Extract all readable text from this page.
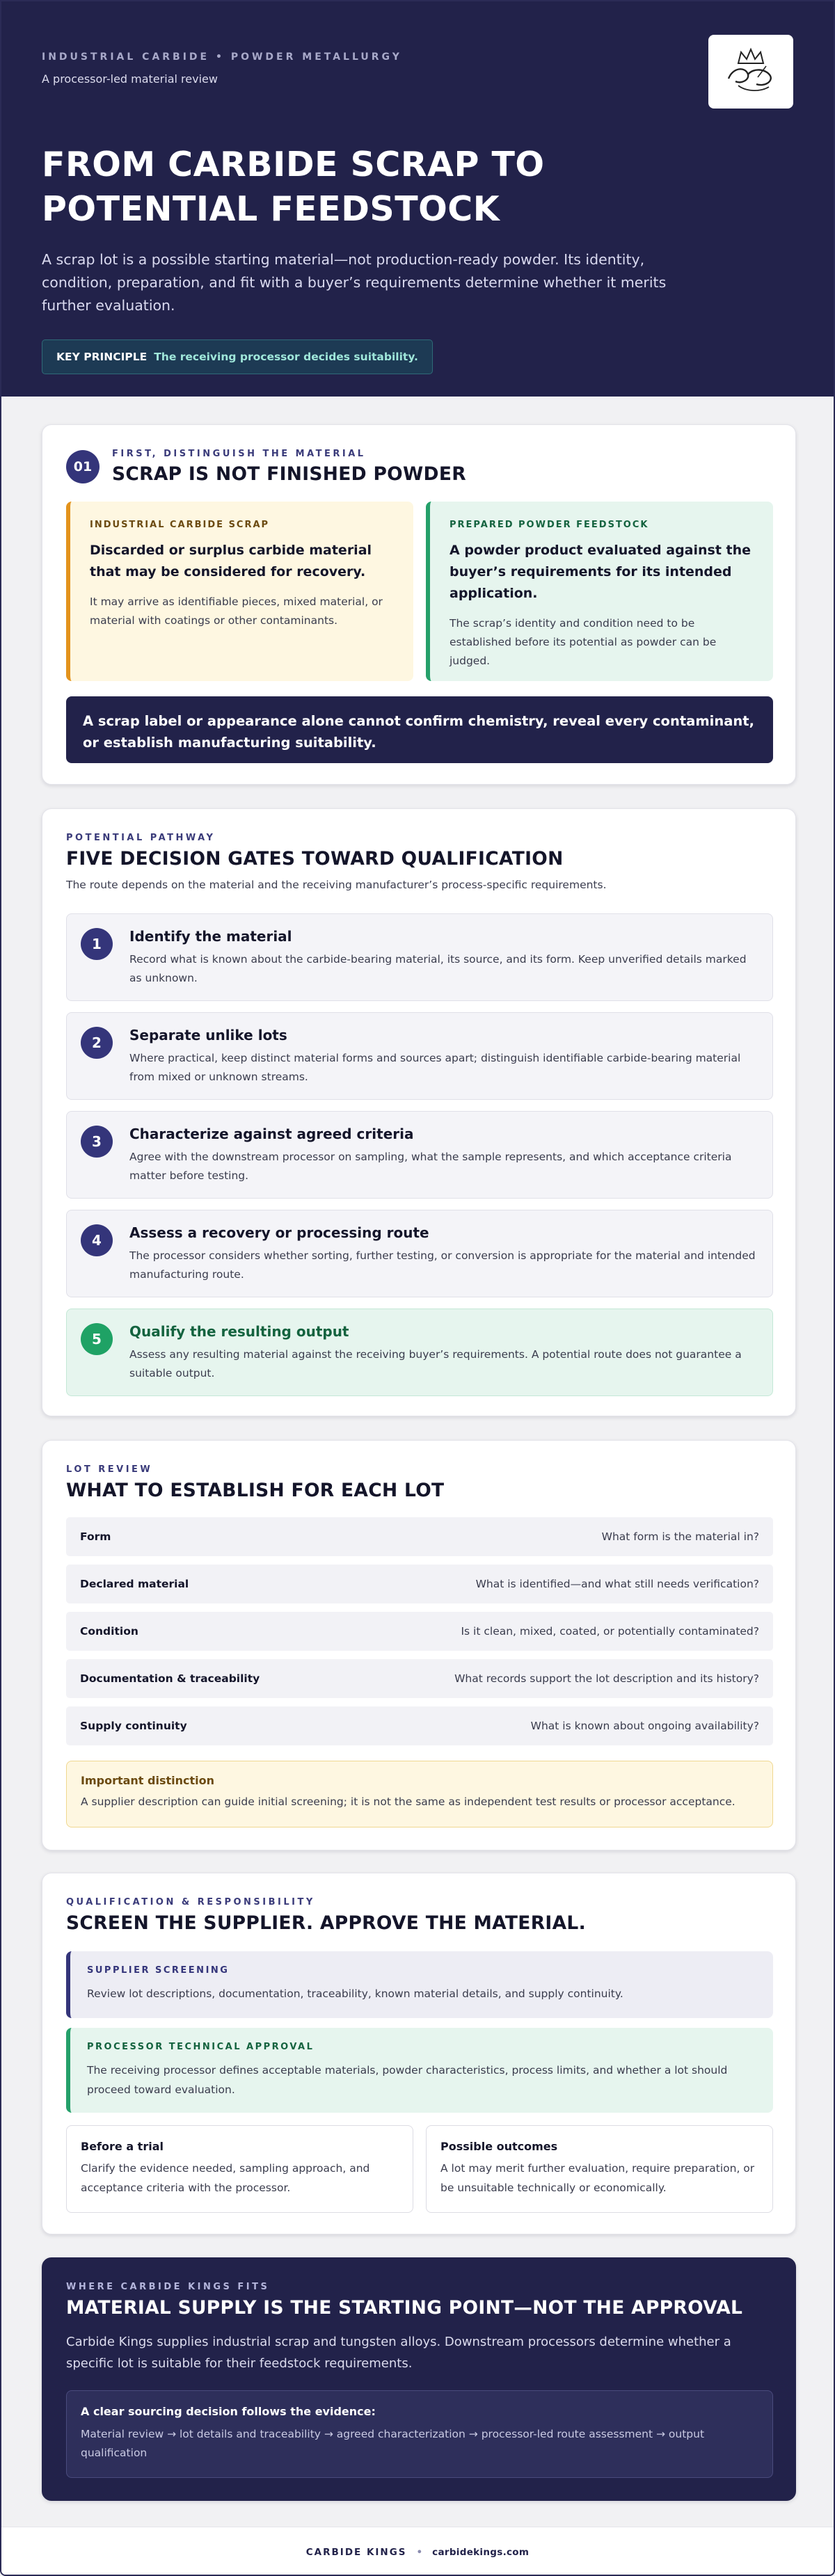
INDUSTRIAL CARBIDE • POWDER METALLURGY
A processor-led material review
FROM CARBIDE SCRAP TO
POTENTIAL FEEDSTOCK

A scrap lot is a possible starting material—not production-ready powder. Its identity, condition, preparation, and fit with a buyer’s requirements determine whether it merits further evaluation.

KEY PRINCIPLE The receiving processor decides suitability.
01
FIRST, DISTINGUISH THE MATERIAL
SCRAP IS NOT FINISHED POWDER
INDUSTRIAL CARBIDE SCRAP
Discarded or surplus carbide material that may be considered for recovery.
It may arrive as identifiable pieces, mixed material, or material with coatings or other contaminants.
PREPARED POWDER FEEDSTOCK
A powder product evaluated against the buyer’s requirements for its intended application.
The scrap’s identity and condition need to be established before its potential as powder can be judged.
A scrap label or appearance alone cannot confirm chemistry, reveal every contaminant, or establish manufacturing suitability.
POTENTIAL PATHWAY
FIVE DECISION GATES TOWARD QUALIFICATION
The route depends on the material and the receiving manufacturer’s process-specific requirements.
1	Identify the material
Record what is known about the carbide-bearing material, its source, and its form. Keep unverified details marked as unknown.
2	Separate unlike lots
Where practical, keep distinct material forms and sources apart; distinguish identifiable carbide-bearing material from mixed or unknown streams.
3	Characterize against agreed criteria
Agree with the downstream processor on sampling, what the sample represents, and which acceptance criteria matter before testing.
4	Assess a recovery or processing route
The processor considers whether sorting, further testing, or conversion is appropriate for the material and intended manufacturing route.
5	Qualify the resulting output
Assess any resulting material against the receiving buyer’s requirements. A potential route does not guarantee a suitable output.
LOT REVIEW
WHAT TO ESTABLISH FOR EACH LOT
Form	What form is the material in?
Declared material	What is identified—and what still needs verification?
Condition	Is it clean, mixed, coated, or potentially contaminated?
Documentation & traceability	What records support the lot description and its history?
Supply continuity	What is known about ongoing availability?
Important distinction
A supplier description can guide initial screening; it is not the same as independent test results or processor acceptance.
QUALIFICATION & RESPONSIBILITY
SCREEN THE SUPPLIER. APPROVE THE MATERIAL.
SUPPLIER SCREENING
Review lot descriptions, documentation, traceability, known material details, and supply continuity.
PROCESSOR TECHNICAL APPROVAL
The receiving processor defines acceptable materials, powder characteristics, process limits, and whether a lot should proceed toward evaluation.
Before a trial
Clarify the evidence needed, sampling approach, and acceptance criteria with the processor.
Possible outcomes
A lot may merit further evaluation, require preparation, or be unsuitable technically or economically.
WHERE CARBIDE KINGS FITS
MATERIAL SUPPLY IS THE STARTING POINT—NOT THE APPROVAL
Carbide Kings supplies industrial scrap and tungsten alloys. Downstream processors determine whether a specific lot is suitable for their feedstock requirements.
A clear sourcing decision follows the evidence:
Material review → lot details and traceability → agreed characterization → processor-led route assessment → output qualification
CARBIDE KINGS • carbidekings.com
